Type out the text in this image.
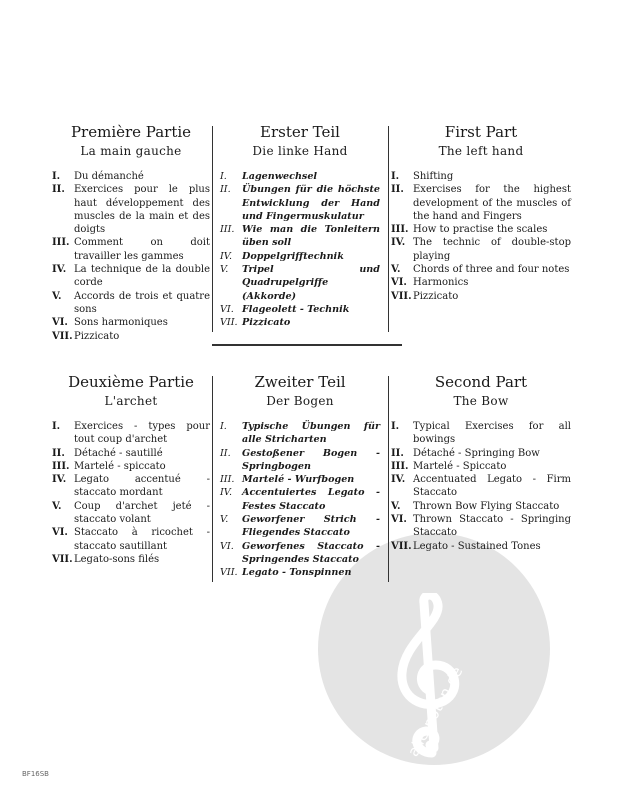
alle-noten.de
Première Partie
La main gauche
I.	Du démanché
II. Exercices pour le plus haut développement des muscles de la main et des doigts
III. Comment on doit travailler les gammes
IV. La technique de la double corde
V.	Accords de trois et quatre sons
VI. Sons harmoniques
VII. Pizzicato
Erster Teil
Die linke Hand
I.	Lagenwechsel
II.	Übungen für die höchste Entwicklung der Hand und Fingermuskulatur
III. Wie man die Tonleitern üben soll
IV.	Doppelgrifftechnik
V.	Tripel und Quadrupelgriffe (Akkorde)
VI. Flageolett - Technik
VII. Pizzicato
First Part
The left hand
I.	Shifting
II. Exercises for the highest development of the muscles of the hand and Fingers
III. How to practise the scales
IV. The technic of double-stop playing
V.	Chords of three and four notes
VI. Harmonics
VII. Pizzicato
Deuxième Partie
L'archet
I.	Exercices - types pour tout coup d'archet
II. Détaché - sautillé
III. Martelé - spiccato
IV. Legato accentué - staccato mordant
V.	Coup d'archet jeté - staccato volant
VI. Staccato à ricochet - staccato sautillant
VII. Legato-sons filés
Zweiter Teil
Der Bogen
I.	Typische Übungen für alle Stricharten
II.	Gestoßener Bogen - Springbogen
III. Martelé - Wurfbogen
IV.	Accentuiertes Legato - Festes Staccato
V.	Geworfener Strich - Fliegendes Staccato
VI. Geworfenes Staccato - Springendes Staccato
VII. Legato - Tonspinnen
Second Part
The Bow
I.	Typical Exercises for all bowings
II. Détaché - Springing Bow
III. Martelé - Spiccato
IV. Accentuated Legato - Firm Staccato
V.	Thrown Bow Flying Staccato
VI. Thrown Staccato - Springing Staccato
VII. Legato - Sustained Tones
BF16SB
